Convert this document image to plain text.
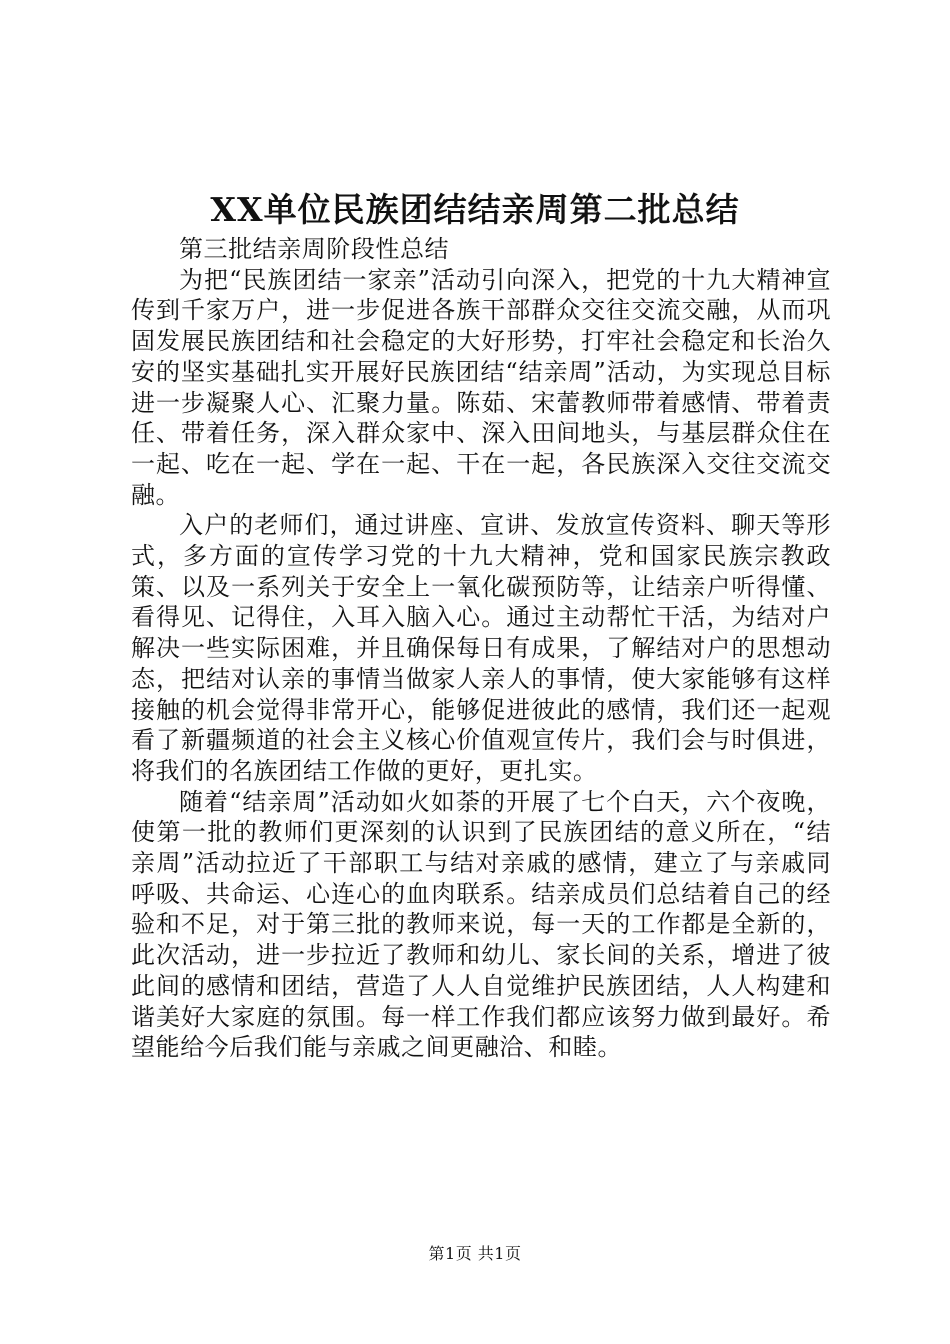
XX单位民族团结结亲周第二批总结

第三批结亲周阶段性总结

为把“民族团结一家亲”活动引向深入，把党的十九大精神宣传到千家万户，进一步促进各族干部群众交往交流交融，从而巩固发展民族团结和社会稳定的大好形势，打牢社会稳定和长治久安的坚实基础扎实开展好民族团结“结亲周”活动，为实现总目标进一步凝聚人心、汇聚力量。陈茹、宋蕾教师带着感情、带着责任、带着任务，深入群众家中、深入田间地头，与基层群众住在一起、吃在一起、学在一起、干在一起，各民族深入交往交流交融。

入户的老师们，通过讲座、宣讲、发放宣传资料、聊天等形式，多方面的宣传学习党的十九大精神，党和国家民族宗教政策、以及一系列关于安全上一氧化碳预防等，让结亲户听得懂、看得见、记得住，入耳入脑入心。通过主动帮忙干活，为结对户解决一些实际困难，并且确保每日有成果，了解结对户的思想动态，把结对认亲的事情当做家人亲人的事情，使大家能够有这样接触的机会觉得非常开心，能够促进彼此的感情，我们还一起观看了新疆频道的社会主义核心价值观宣传片，我们会与时俱进，将我们的名族团结工作做的更好，更扎实。

随着“结亲周”活动如火如荼的开展了七个白天，六个夜晚，使第一批的教师们更深刻的认识到了民族团结的意义所在，“结亲周”活动拉近了干部职工与结对亲戚的感情，建立了与亲戚同呼吸、共命运、心连心的血肉联系。结亲成员们总结着自己的经验和不足，对于第三批的教师来说，每一天的工作都是全新的，此次活动，进一步拉近了教师和幼儿、家长间的关系，增进了彼此间的感情和团结，营造了人人自觉维护民族团结，人人构建和谐美好大家庭的氛围。每一样工作我们都应该努力做到最好。希望能给今后我们能与亲戚之间更融洽、和睦。

第1页 共1页
